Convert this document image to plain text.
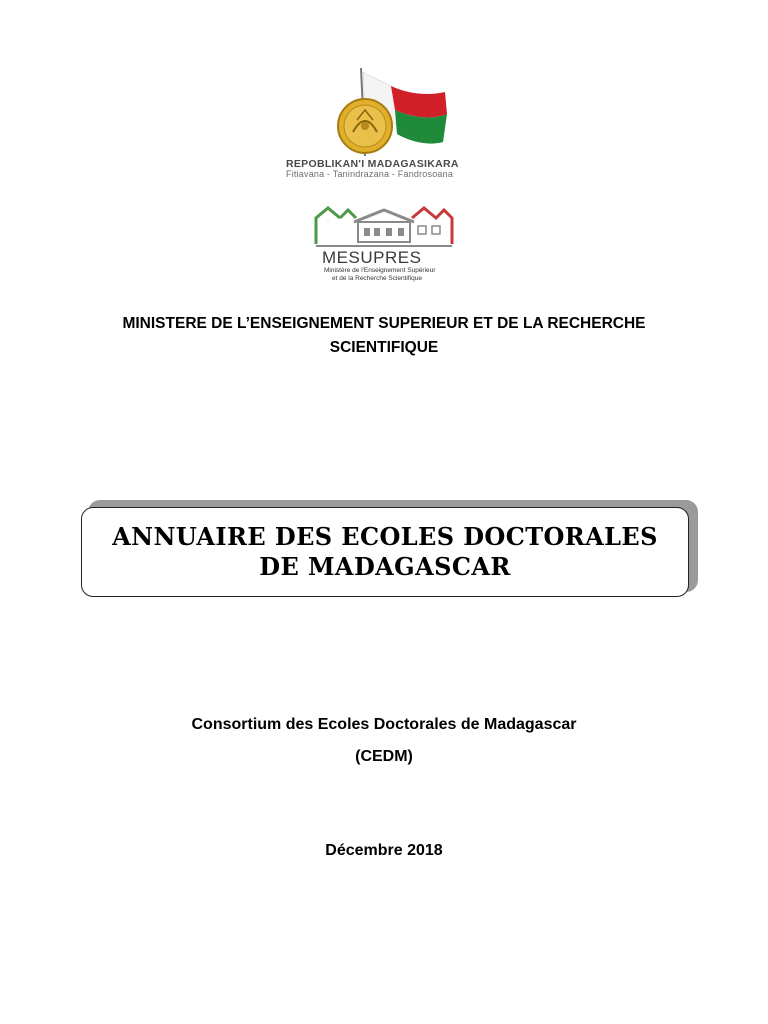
REPOBLIKAN'I MADAGASIKARA
Fitiavana - Tanindrazana - Fandrosoana
MESUPRES
Ministère de l'Enseignement Supérieur
et de la Recherche Scientifique
MINISTERE DE L’ENSEIGNEMENT SUPERIEUR ET DE LA RECHERCHE
SCIENTIFIQUE
ANNUAIRE DES ECOLES DOCTORALES
DE MADAGASCAR
Consortium des Ecoles Doctorales de Madagascar
(CEDM)
Décembre 2018
